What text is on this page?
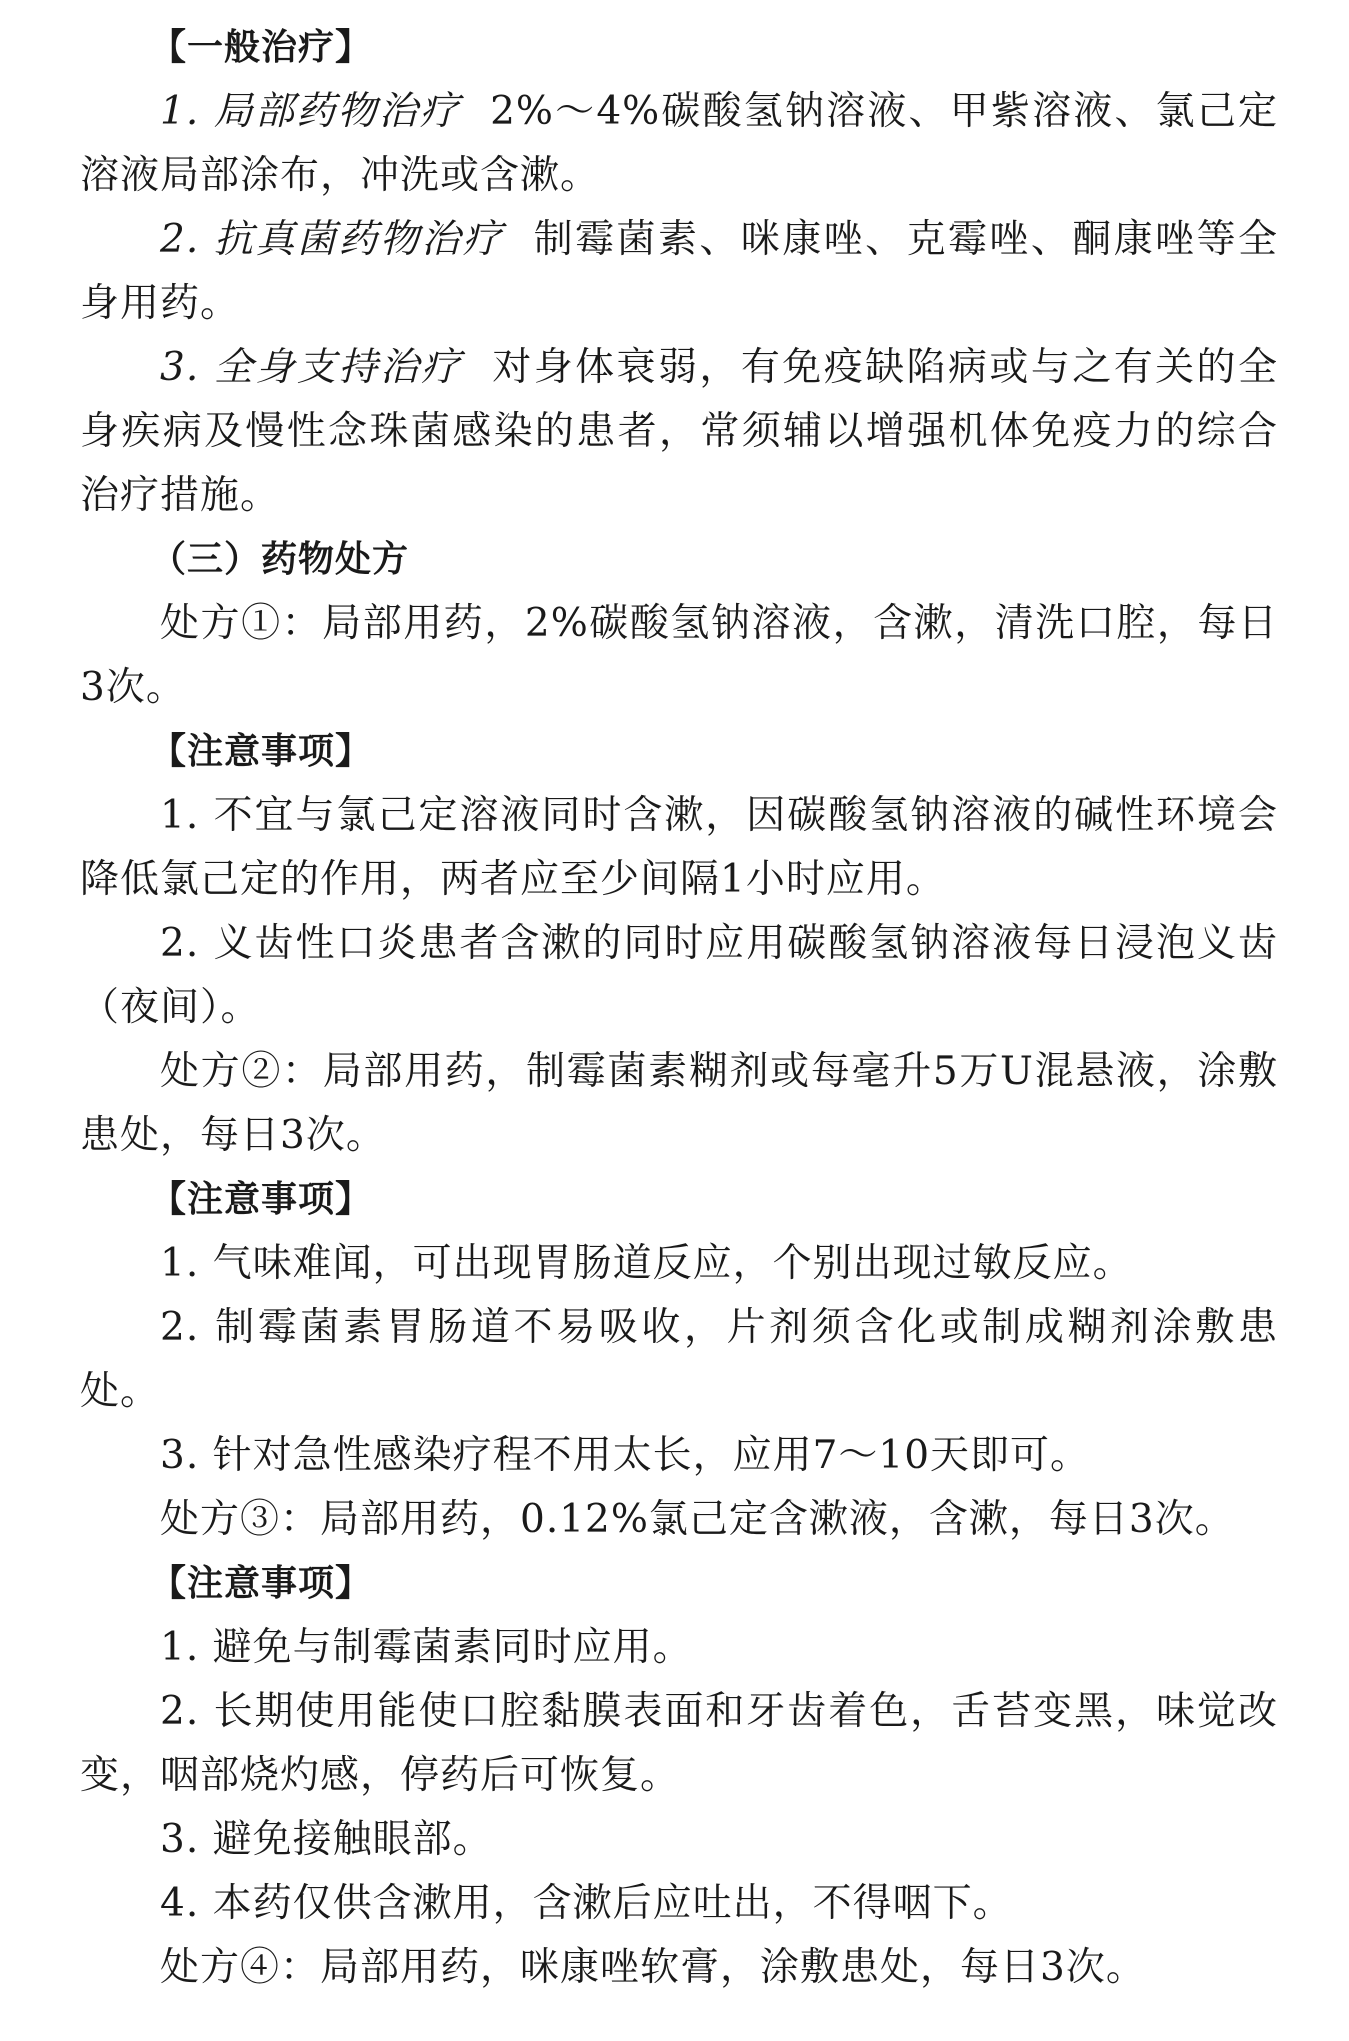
【一般治疗】

1. 局部药物治疗 2%～4%碳酸氢钠溶液、甲紫溶液、氯己定溶液局部涂布，冲洗或含漱。

2. 抗真菌药物治疗 制霉菌素、咪康唑、克霉唑、酮康唑等全身用药。

3. 全身支持治疗 对身体衰弱，有免疫缺陷病或与之有关的全身疾病及慢性念珠菌感染的患者，常须辅以增强机体免疫力的综合治疗措施。

（三）药物处方

处方①：局部用药，2%碳酸氢钠溶液，含漱，清洗口腔，每日3次。

【注意事项】

1. 不宜与氯己定溶液同时含漱，因碳酸氢钠溶液的碱性环境会降低氯己定的作用，两者应至少间隔1小时应用。

2. 义齿性口炎患者含漱的同时应用碳酸氢钠溶液每日浸泡义齿（夜间）。

处方②：局部用药，制霉菌素糊剂或每毫升5万U混悬液，涂敷患处，每日3次。

【注意事项】

1. 气味难闻，可出现胃肠道反应，个别出现过敏反应。

2. 制霉菌素胃肠道不易吸收，片剂须含化或制成糊剂涂敷患处。

3. 针对急性感染疗程不用太长，应用7～10天即可。

处方③：局部用药，0.12%氯己定含漱液，含漱，每日3次。

【注意事项】

1. 避免与制霉菌素同时应用。

2. 长期使用能使口腔黏膜表面和牙齿着色，舌苔变黑，味觉改变，咽部烧灼感，停药后可恢复。

3. 避免接触眼部。

4. 本药仅供含漱用，含漱后应吐出，不得咽下。

处方④：局部用药，咪康唑软膏，涂敷患处，每日3次。
